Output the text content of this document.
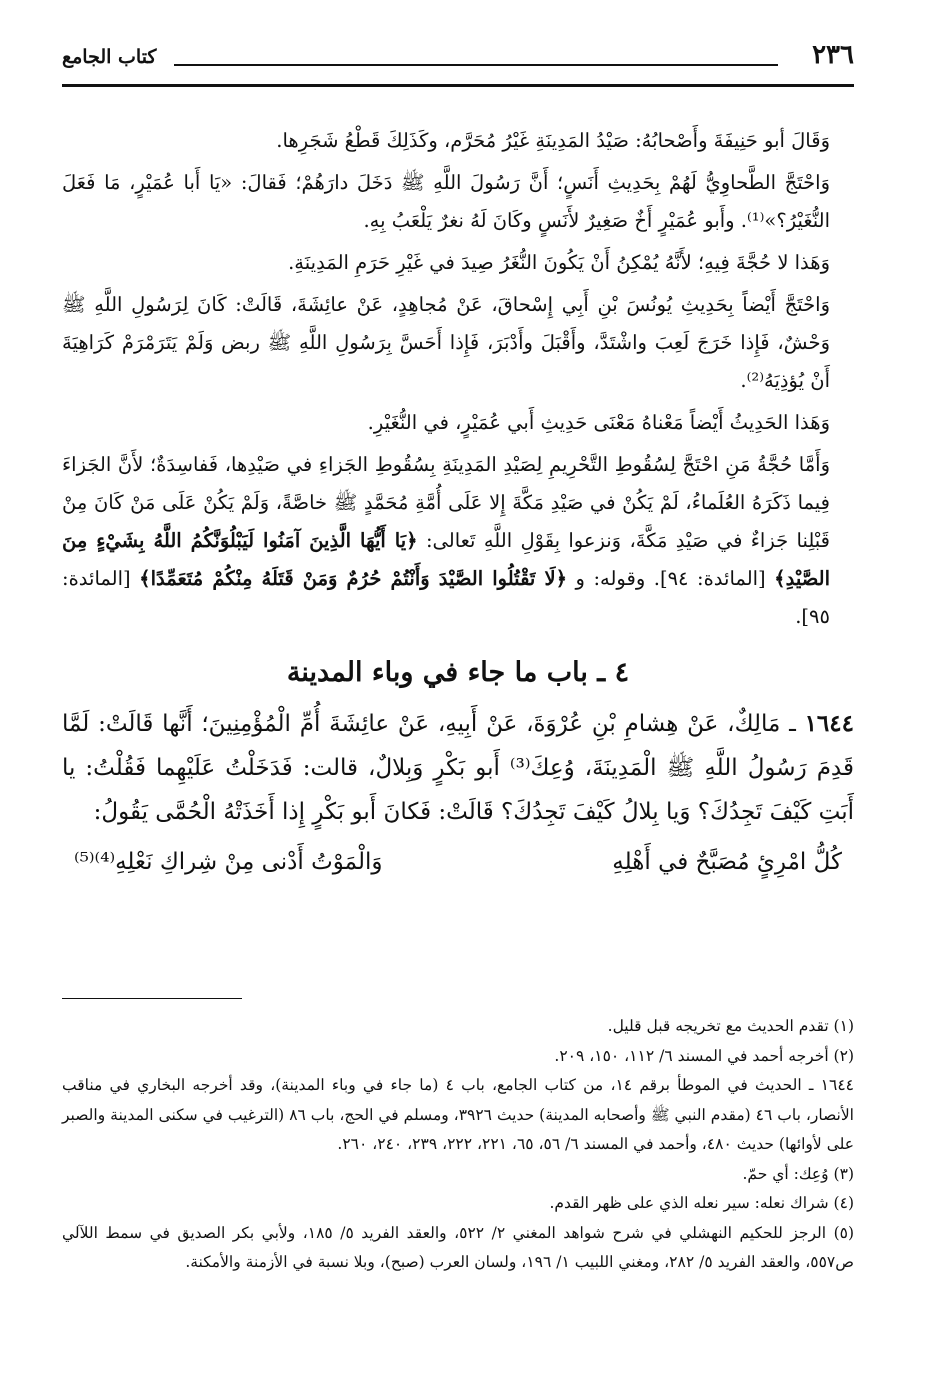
٢٣٦
كتاب الجامع

وَقَالَ أبو حَنِيفَةَ وأَصْحابُهُ: صَيْدُ المَدِينَةِ غَيْرُ مُحَرَّم، وكَذَلِكَ قَطْعُ شَجَرِها.

وَاحْتَجَّ الطَّحاوِيُّ لَهُمْ بِحَدِيثِ أَنَسٍ؛ أَنَّ رَسُولَ اللَّهِ ﷺ دَخَلَ دارَهُمْ؛ فَقالَ: «يَا أَبا عُمَيْرٍ، مَا فَعَلَ النُّغَيْرُ؟»⁽¹⁾. وأَبو عُمَيْرٍ أَخٌ صَغِيرٌ لأَنَسٍ وكَانَ لَهُ نغرٌ يَلْعَبُ بِهِ.

وَهَذا لا حُجَّةَ فِيهِ؛ لأَنَّهُ يُمْكِنُ أَنْ يَكُونَ النُّغَرُ صِيدَ في غَيْرِ حَرَمِ المَدِينَةِ.

وَاحْتَجَّ أَيْضاً بِحَدِيثِ يُونُسَ بْنِ أَبِي إِسْحاقَ، عَنْ مُجاهِدٍ، عَنْ عائِشَةَ، قَالَتْ: كَانَ لِرَسُولِ اللَّهِ ﷺ وَحْشٌ، فَإِذا خَرَجَ لَعِبَ واشْتَدَّ، وأَقْبَلَ وأَدْبَرَ، فَإِذا أَحَسَّ بِرَسُولِ اللَّهِ ﷺ ربض وَلَمْ يَتَرَمْرَمْ كَرَاهِيَةَ أَنْ يُؤذِيَهُ⁽²⁾.

وَهَذا الحَدِيثُ أَيْضاً مَعْناهُ مَعْنَى حَدِيثِ أَبي عُمَيْرٍ، في النُّغَيْرِ.

وَأَمَّا حُجَّةُ مَنِ احْتَجَّ لِسُقُوطِ التَّحْرِيمِ لِصَيْدِ المَدِينَةِ بِسُقُوطِ الجَزاءِ في صَيْدِها، فَفاسِدَةٌ؛ لأَنَّ الجَزاءَ فِيما ذَكَرَهُ العُلَماءُ، لَمْ يَكُنْ في صَيْدِ مَكَّةَ إِلا عَلَى أُمَّةِ مُحَمَّدٍ ﷺ خاصَّةً، وَلَمْ يَكُنْ عَلَى مَنْ كَانَ مِنْ قَبْلِنا جَزاءٌ في صَيْدِ مَكَّةَ، وَنزعوا بِقَوْلِ اللَّهِ تَعالى: ﴿يَا أَيُّهَا الَّذِينَ آمَنُوا لَيَبْلُوَنَّكُمُ اللَّهُ بِشَيْءٍ مِنَ الصَّيْدِ﴾ [المائدة: ٩٤]. وقوله: و ﴿لَا تَقْتُلُوا الصَّيْدَ وَأَنْتُمْ حُرُمٌ وَمَنْ قَتَلَهُ مِنْكُمْ مُتَعَمِّدًا﴾ [المائدة: ٩٥].

٤ ـ باب ما جاء في وباء المدينة

١٦٤٤ ـ مَالِكٌ، عَنْ هِشامِ بْنِ عُرْوَةَ، عَنْ أَبِيهِ، عَنْ عائِشَةَ أُمِّ الْمُؤْمِنِينَ؛ أَنَّها قَالَتْ: لَمَّا قَدِمَ رَسُولُ اللَّهِ ﷺ الْمَدِينَةَ، وُعِكَ⁽³⁾ أَبو بَكْرٍ وَبِلالٌ، قالت: فَدَخَلْتُ عَلَيْهِما فَقُلْتُ: يا أَبَتِ كَيْفَ تَجِدُكَ؟ وَيا بِلالُ كَيْفَ تَجِدُكَ؟ قَالَتْ: فَكانَ أَبو بَكْرٍ إِذا أَخَذَتْهُ الْحُمَّى يَقُولُ:

كُلُّ امْرِئٍ مُصَبَّحٌ في أَهْلِهِ
وَالْمَوْتُ أَدْنى مِنْ شِراكِ نَعْلِهِ⁽⁴⁾⁽⁵⁾

(١) تقدم الحديث مع تخريجه قبل قليل.

(٢) أخرجه أحمد في المسند ٦/ ١١٢، ١٥٠، ٢٠٩.

١٦٤٤ ـ الحديث في الموطأ برقم ١٤، من كتاب الجامع، باب ٤ (ما جاء في وباء المدينة)، وقد أخرجه البخاري في مناقب الأنصار، باب ٤٦ (مقدم النبي ﷺ وأصحابه المدينة) حديث ٣٩٢٦، ومسلم في الحج، باب ٨٦ (الترغيب في سكنى المدينة والصبر على لأوائها) حديث ٤٨٠، وأحمد في المسند ٦/ ٥٦، ٦٥، ٢٢١، ٢٢٢، ٢٣٩، ٢٤٠، ٢٦٠.

(٣) وُعِك: أي حمّ.

(٤) شراك نعله: سير نعله الذي على ظهر القدم.

(٥) الرجز للحكيم النهشلي في شرح شواهد المغني ٢/ ٥٢٢، والعقد الفريد ٥/ ١٨٥، ولأبي بكر الصديق في سمط اللآلي ص٥٥٧، والعقد الفريد ٥/ ٢٨٢، ومغني اللبيب ١/ ١٩٦، ولسان العرب (صبح)، وبلا نسبة في الأزمنة والأمكنة.
